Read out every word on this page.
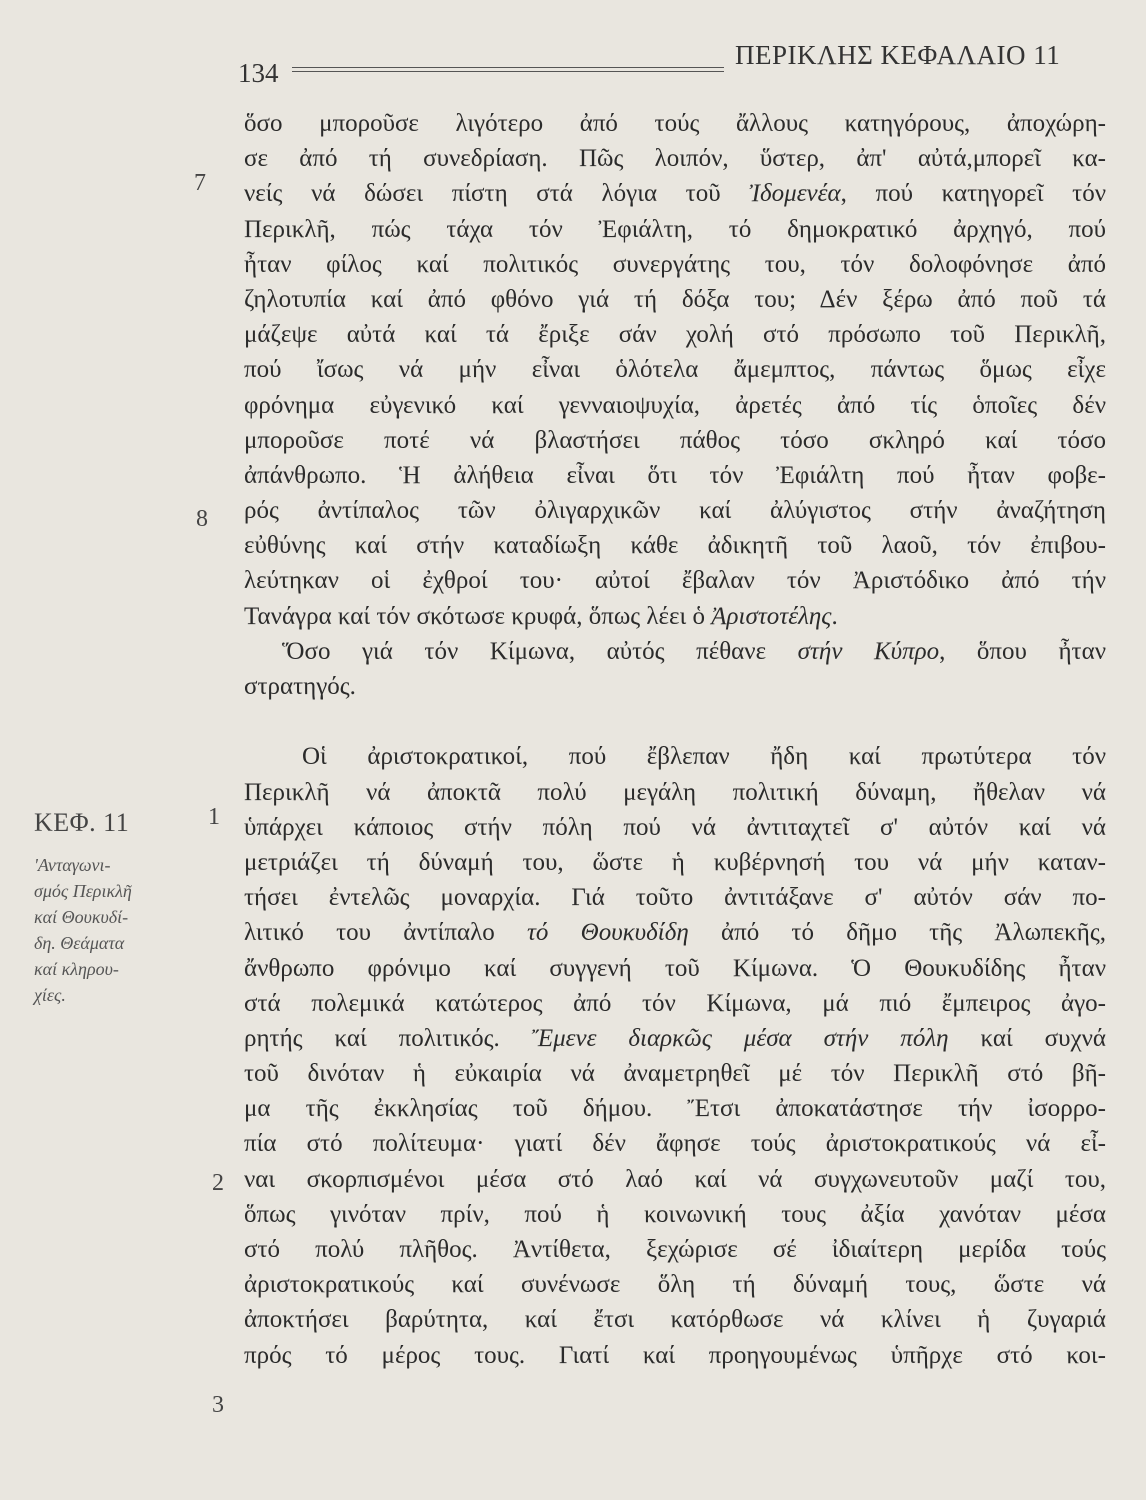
134
ΠΕΡΙΚΛΗΣ ΚΕΦΑΛΑΙΟ 11
7
8
1
2
3
ΚΕΦ. 11
'Ανταγωνι-
σμός Περικλῆ
καί Θουκυδί-
δη. Θεάματα
καί κληρου-
χίες.
ὅσο μποροῦσε λιγότερο ἀπό τούς ἄλλους κατηγόρους, ἀποχώρη-
σε ἀπό τή συνεδρίαση. Πῶς λοιπόν, ὕστερ, ἀπ' αὐτά,μπορεῖ κα-
νείς νά δώσει πίστη στά λόγια τοῦ Ἰδομενέα, πού κατηγορεῖ τόν
Περικλῆ, πώς τάχα τόν Ἐφιάλτη, τό δημοκρατικό ἀρχηγό, πού
ἦταν φίλος καί πολιτικός συνεργάτης του, τόν δολοφόνησε ἀπό
ζηλοτυπία καί ἀπό φθόνο γιά τή δόξα του; Δέν ξέρω ἀπό ποῦ τά
μάζεψε αὐτά καί τά ἔριξε σάν χολή στό πρόσωπο τοῦ Περικλῆ,
πού ἴσως νά μήν εἶναι ὁλότελα ἄμεμπτος, πάντως ὅμως εἶχε
φρόνημα εὐγενικό καί γενναιοψυχία, ἀρετές ἀπό τίς ὁποῖες δέν
μποροῦσε ποτέ νά βλαστήσει πάθος τόσο σκληρό καί τόσο
ἀπάνθρωπο. Ἡ ἀλήθεια εἶναι ὅτι τόν Ἐφιάλτη πού ἦταν φοβε-
ρός ἀντίπαλος τῶν ὀλιγαρχικῶν καί ἀλύγιστος στήν ἀναζήτηση
εὐθύνης καί στήν καταδίωξη κάθε ἀδικητῆ τοῦ λαοῦ, τόν ἐπιβου-
λεύτηκαν οἱ ἐχθροί του· αὐτοί ἔβαλαν τόν Ἀριστόδικο ἀπό τήν
Τανάγρα καί τόν σκότωσε κρυφά, ὅπως λέει ὁ Ἀριστοτέλης.
Ὅσο γιά τόν Κίμωνα, αὐτός πέθανε στήν Κύπρο, ὅπου ἦταν
στρατηγός.
Οἱ ἀριστοκρατικοί, πού ἔβλεπαν ἤδη καί πρωτύτερα τόν
Περικλῆ νά ἀποκτᾶ πολύ μεγάλη πολιτική δύναμη, ἤθελαν νά
ὑπάρχει κάποιος στήν πόλη πού νά ἀντιταχτεῖ σ' αὐτόν καί νά
μετριάζει τή δύναμή του, ὥστε ἡ κυβέρνησή του νά μήν καταν-
τήσει ἐντελῶς μοναρχία. Γιά τοῦτο ἀντιτάξανε σ' αὐτόν σάν πο-
λιτικό του ἀντίπαλο τό Θουκυδίδη ἀπό τό δῆμο τῆς Ἀλωπεκῆς,
ἄνθρωπο φρόνιμο καί συγγενή τοῦ Κίμωνα. Ὁ Θουκυδίδης ἦταν
στά πολεμικά κατώτερος ἀπό τόν Κίμωνα, μά πιό ἔμπειρος ἀγο-
ρητής καί πολιτικός. Ἔμενε διαρκῶς μέσα στήν πόλη καί συχνά
τοῦ δινόταν ἡ εὐκαιρία νά ἀναμετρηθεῖ μέ τόν Περικλῆ στό βῆ-
μα τῆς ἐκκλησίας τοῦ δήμου. Ἔτσι ἀποκατάστησε τήν ἰσορρο-
πία στό πολίτευμα· γιατί δέν ἄφησε τούς ἀριστοκρατικούς νά εἶ-
ναι σκορπισμένοι μέσα στό λαό καί νά συγχωνευτοῦν μαζί του,
ὅπως γινόταν πρίν, πού ἡ κοινωνική τους ἀξία χανόταν μέσα
στό πολύ πλῆθος. Ἀντίθετα, ξεχώρισε σέ ἰδιαίτερη μερίδα τούς
ἀριστοκρατικούς καί συνένωσε ὅλη τή δύναμή τους, ὥστε νά
ἀποκτήσει βαρύτητα, καί ἔτσι κατόρθωσε νά κλίνει ἡ ζυγαριά
πρός τό μέρος τους. Γιατί καί προηγουμένως ὑπῆρχε στό κοι-
